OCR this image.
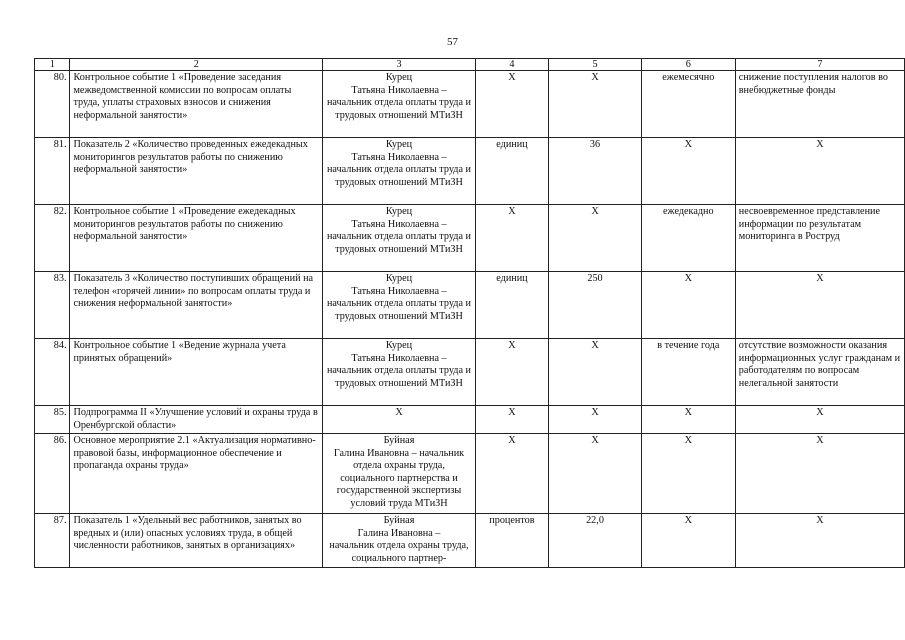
57
1	2	3	4	5	6	7
80.	Контрольное событие 1 «Проведение заседания межведомственной комиссии по вопросам оплаты труда, уплаты страховых взносов и снижения неформальной занятости»	Курец
Татьяна Николаевна –
начальник отдела оплаты труда и трудовых отношений МТиЗН	X	X	ежемесячно	снижение поступления налогов во внебюджетные фонды
81.	Показатель 2 «Количество проведенных ежедекадных мониторингов результатов работы по снижению неформальной занятости»	Курец
Татьяна Николаевна –
начальник отдела оплаты труда и трудовых отношений МТиЗН	единиц	36	X	X
82.	Контрольное событие 1 «Проведение ежедекадных мониторингов результатов работы по снижению неформальной занятости»	Курец
Татьяна Николаевна –
начальник отдела оплаты труда и трудовых отношений МТиЗН	X	X	ежедекадно	несвоевременное представление информации по результатам мониторинга в Роструд
83.	Показатель 3 «Количество поступивших обращений на телефон «горячей линии» по вопросам оплаты труда и снижения неформальной занятости»	Курец
Татьяна Николаевна –
начальник отдела оплаты труда и трудовых отношений МТиЗН	единиц	250	X	X
84.	Контрольное событие 1 «Ведение журнала учета принятых обращений»	Курец
Татьяна Николаевна –
начальник отдела оплаты труда и трудовых отношений МТиЗН	X	X	в течение года	отсутствие возможности оказания информационных услуг гражданам и работодателям по вопросам нелегальной занятости
85.	Подпрограмма II «Улучшение условий и охраны труда в Оренбургской области»	X	X	X	X	X
86.	Основное мероприятие 2.1 «Актуализация нормативно-правовой базы, информационное обеспечение и пропаганда охраны труда»	Буйная
Галина Ивановна – начальник отдела охраны труда, социального партнерства и государственной экспертизы условий труда МТиЗН	X	X	X	X
87.	Показатель 1 «Удельный вес работников, занятых во вредных и (или) опасных условиях труда, в общей численности работников, занятых в организациях»	Буйная
Галина Ивановна –
начальник отдела охраны труда, социального партнер-	процентов	22,0	X	X
